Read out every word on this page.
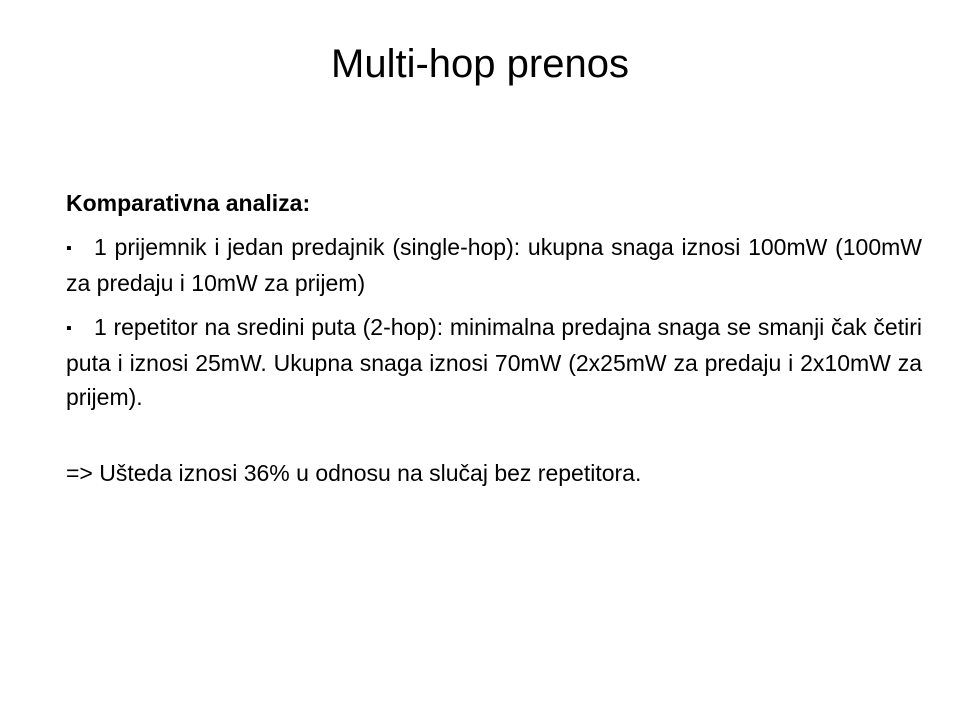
Multi-hop prenos

Komparativna analiza:

▪ 1 prijemnik i jedan predajnik (single-hop): ukupna snaga iznosi 100mW (100mW za predaju i 10mW za prijem)

▪ 1 repetitor na sredini puta (2-hop): minimalna predajna snaga se smanji čak četiri puta i iznosi 25mW. Ukupna snaga iznosi 70mW (2x25mW za predaju i 2x10mW za prijem).

=> Ušteda iznosi 36% u odnosu na slučaj bez repetitora.
